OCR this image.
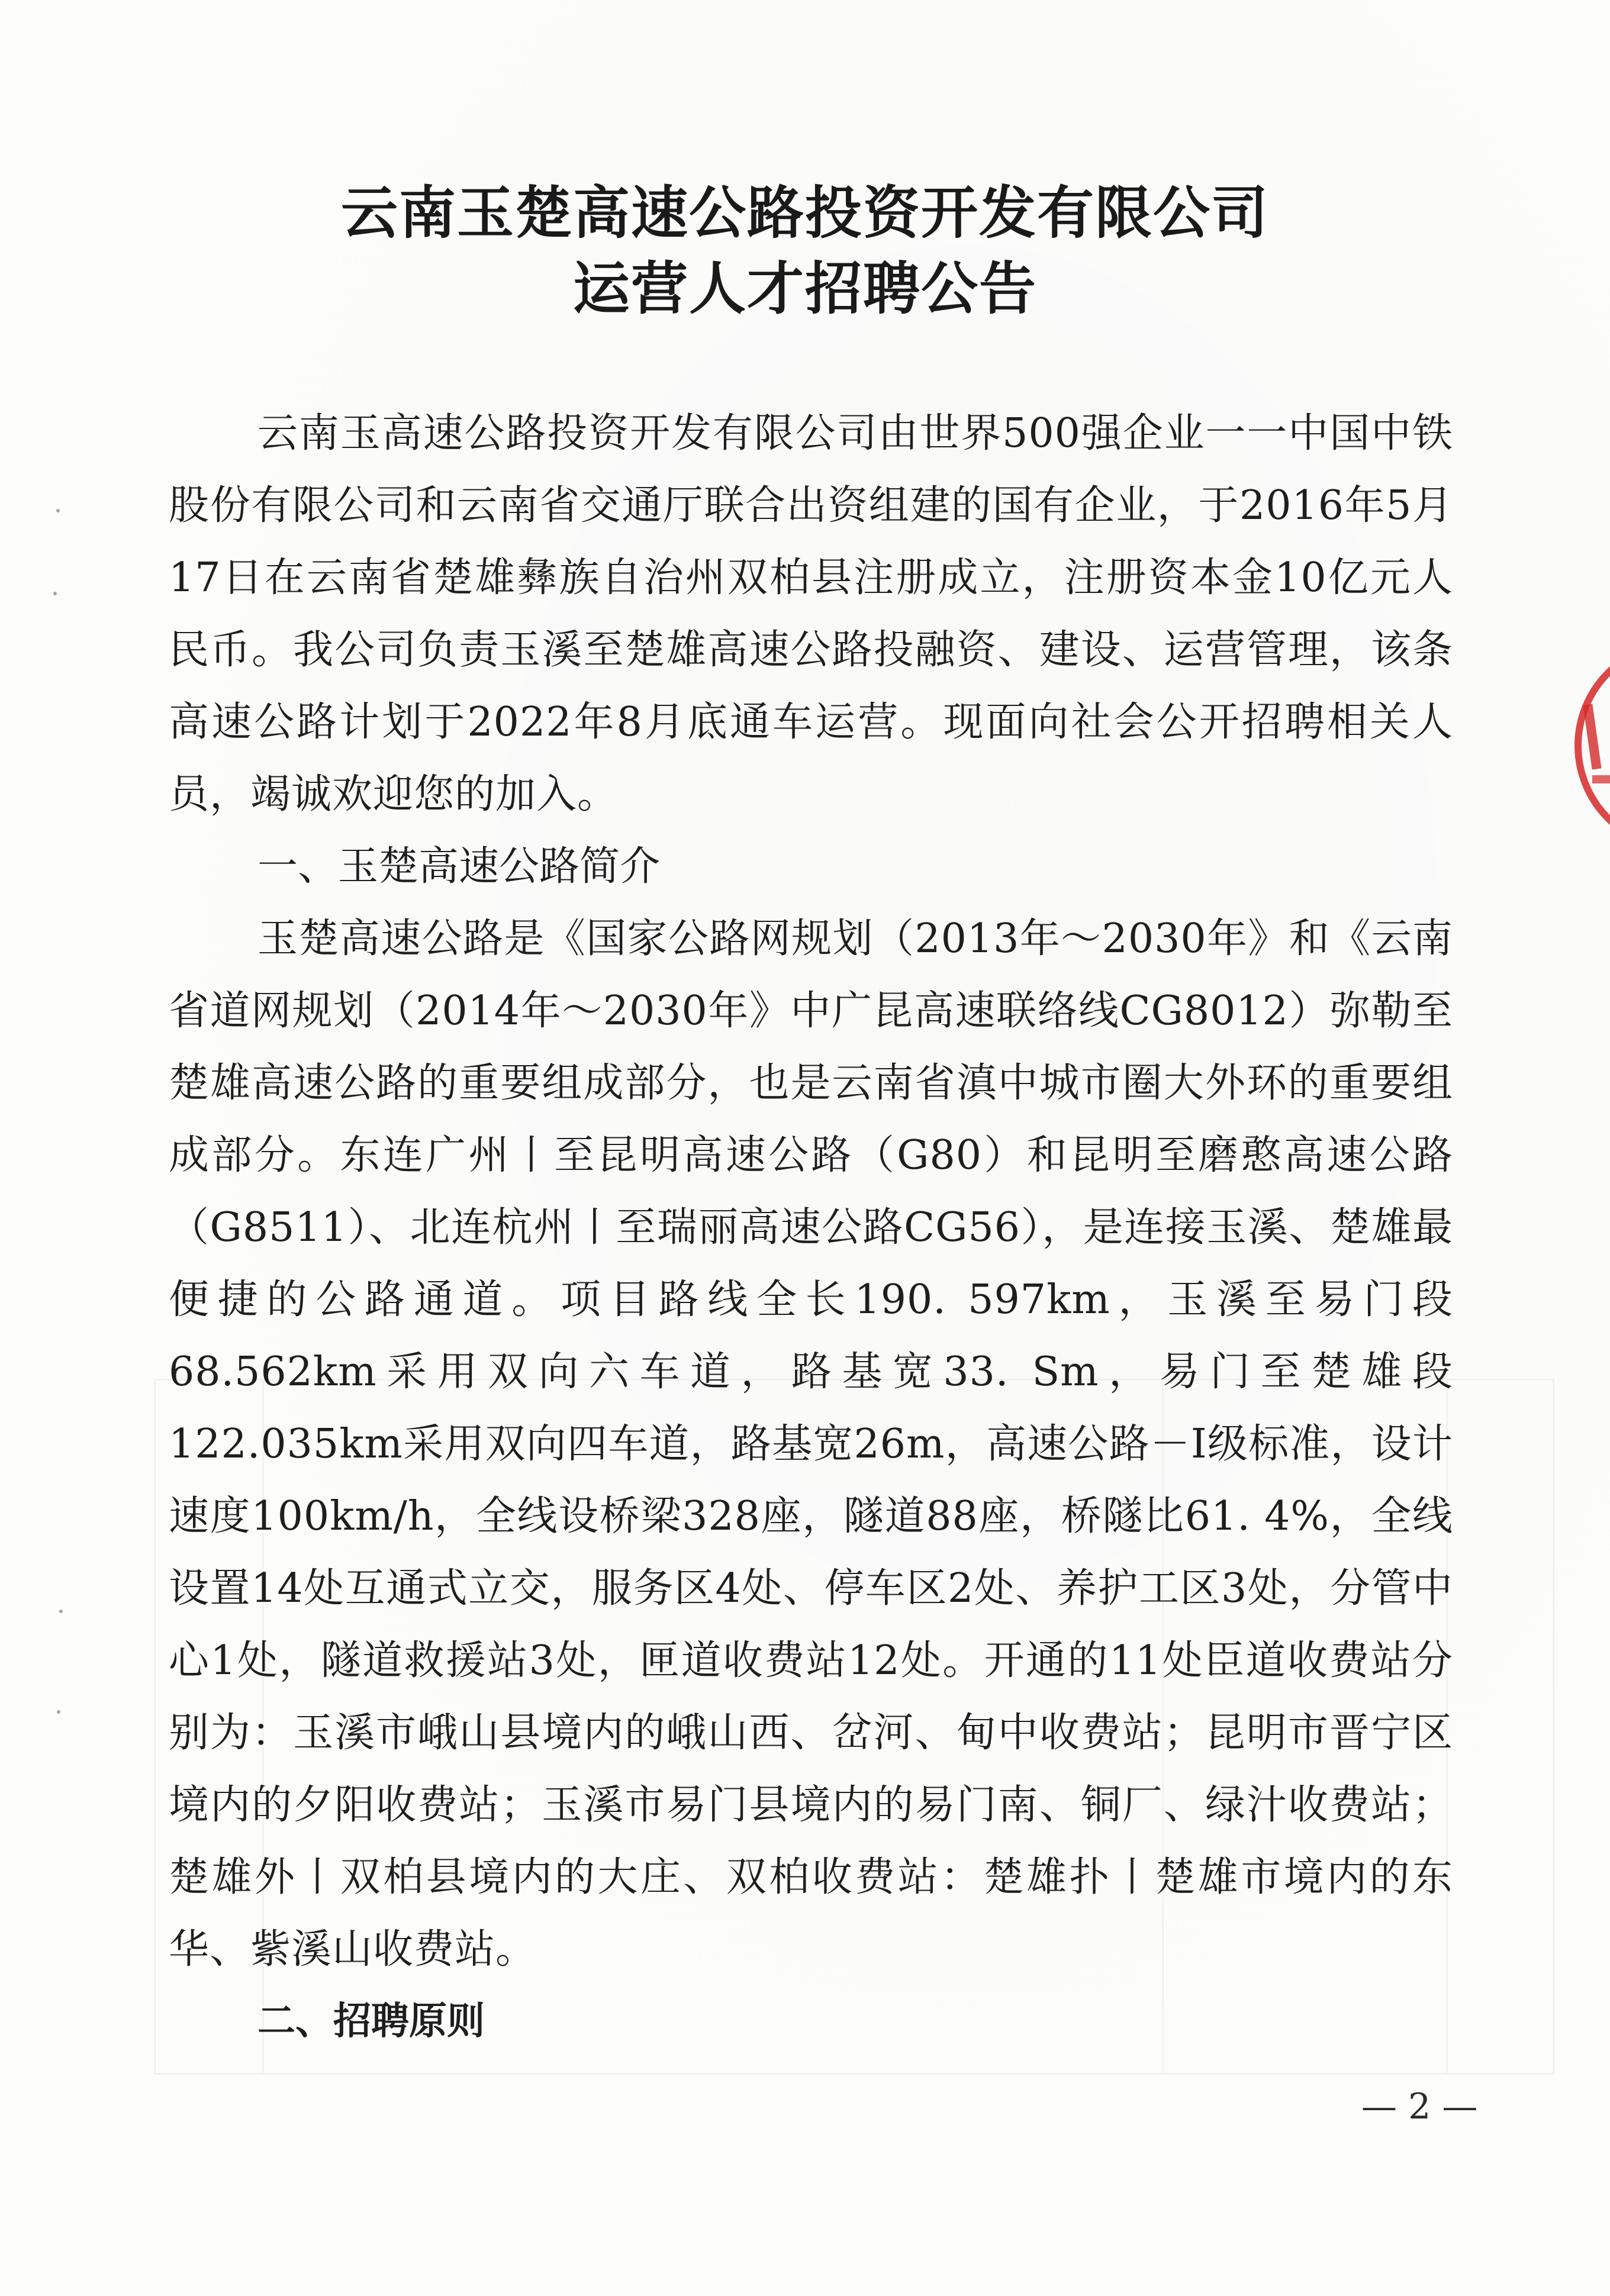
云南玉楚高速公路投资开发有限公司
运营人才招聘公告

云南玉高速公路投资开发有限公司由世界500强企业一一中国中铁股份有限公司和云南省交通厅联合出资组建的国有企业，于2016年5月17日在云南省楚雄彝族自治州双柏县注册成立，注册资本金10亿元人民币。我公司负责玉溪至楚雄高速公路投融资、建设、运营管理，该条高速公路计划于2022年8月底通车运营。现面向社会公开招聘相关人员，竭诚欢迎您的加入。

一、玉楚高速公路简介

玉楚高速公路是《国家公路网规划（2013年～2030年》和《云南省道网规划（2014年～2030年》中广昆高速联络线CG8012）弥勒至楚雄高速公路的重要组成部分，也是云南省滇中城市圈大外环的重要组成部分。东连广州丨至昆明高速公路（G80）和昆明至磨憨高速公路（G8511）、北连杭州丨至瑞丽高速公路CG56），是连接玉溪、楚雄最便捷的公路通道。项目路线全长190. 597km，玉溪至易门段68.562km采用双向六车道，路基宽33. Sm，易门至楚雄段122.035km采用双向四车道，路基宽26m，高速公路－I级标准，设计速度100km/h，全线设桥梁328座，隧道88座，桥隧比61. 4%，全线设置14处互通式立交，服务区4处、停车区2处、养护工区3处，分管中心1处，隧道救援站3处，匣道收费站12处。开通的11处臣道收费站分别为：玉溪市峨山县境内的峨山西、岔河、甸中收费站；昆明市晋宁区境内的夕阳收费站；玉溪市易门县境内的易门南、铜厂、绿汁收费站；楚雄外丨双柏县境内的大庄、双柏收费站：楚雄扑丨楚雄市境内的东华、紫溪山收费站。

二、招聘原则
— 2 —
